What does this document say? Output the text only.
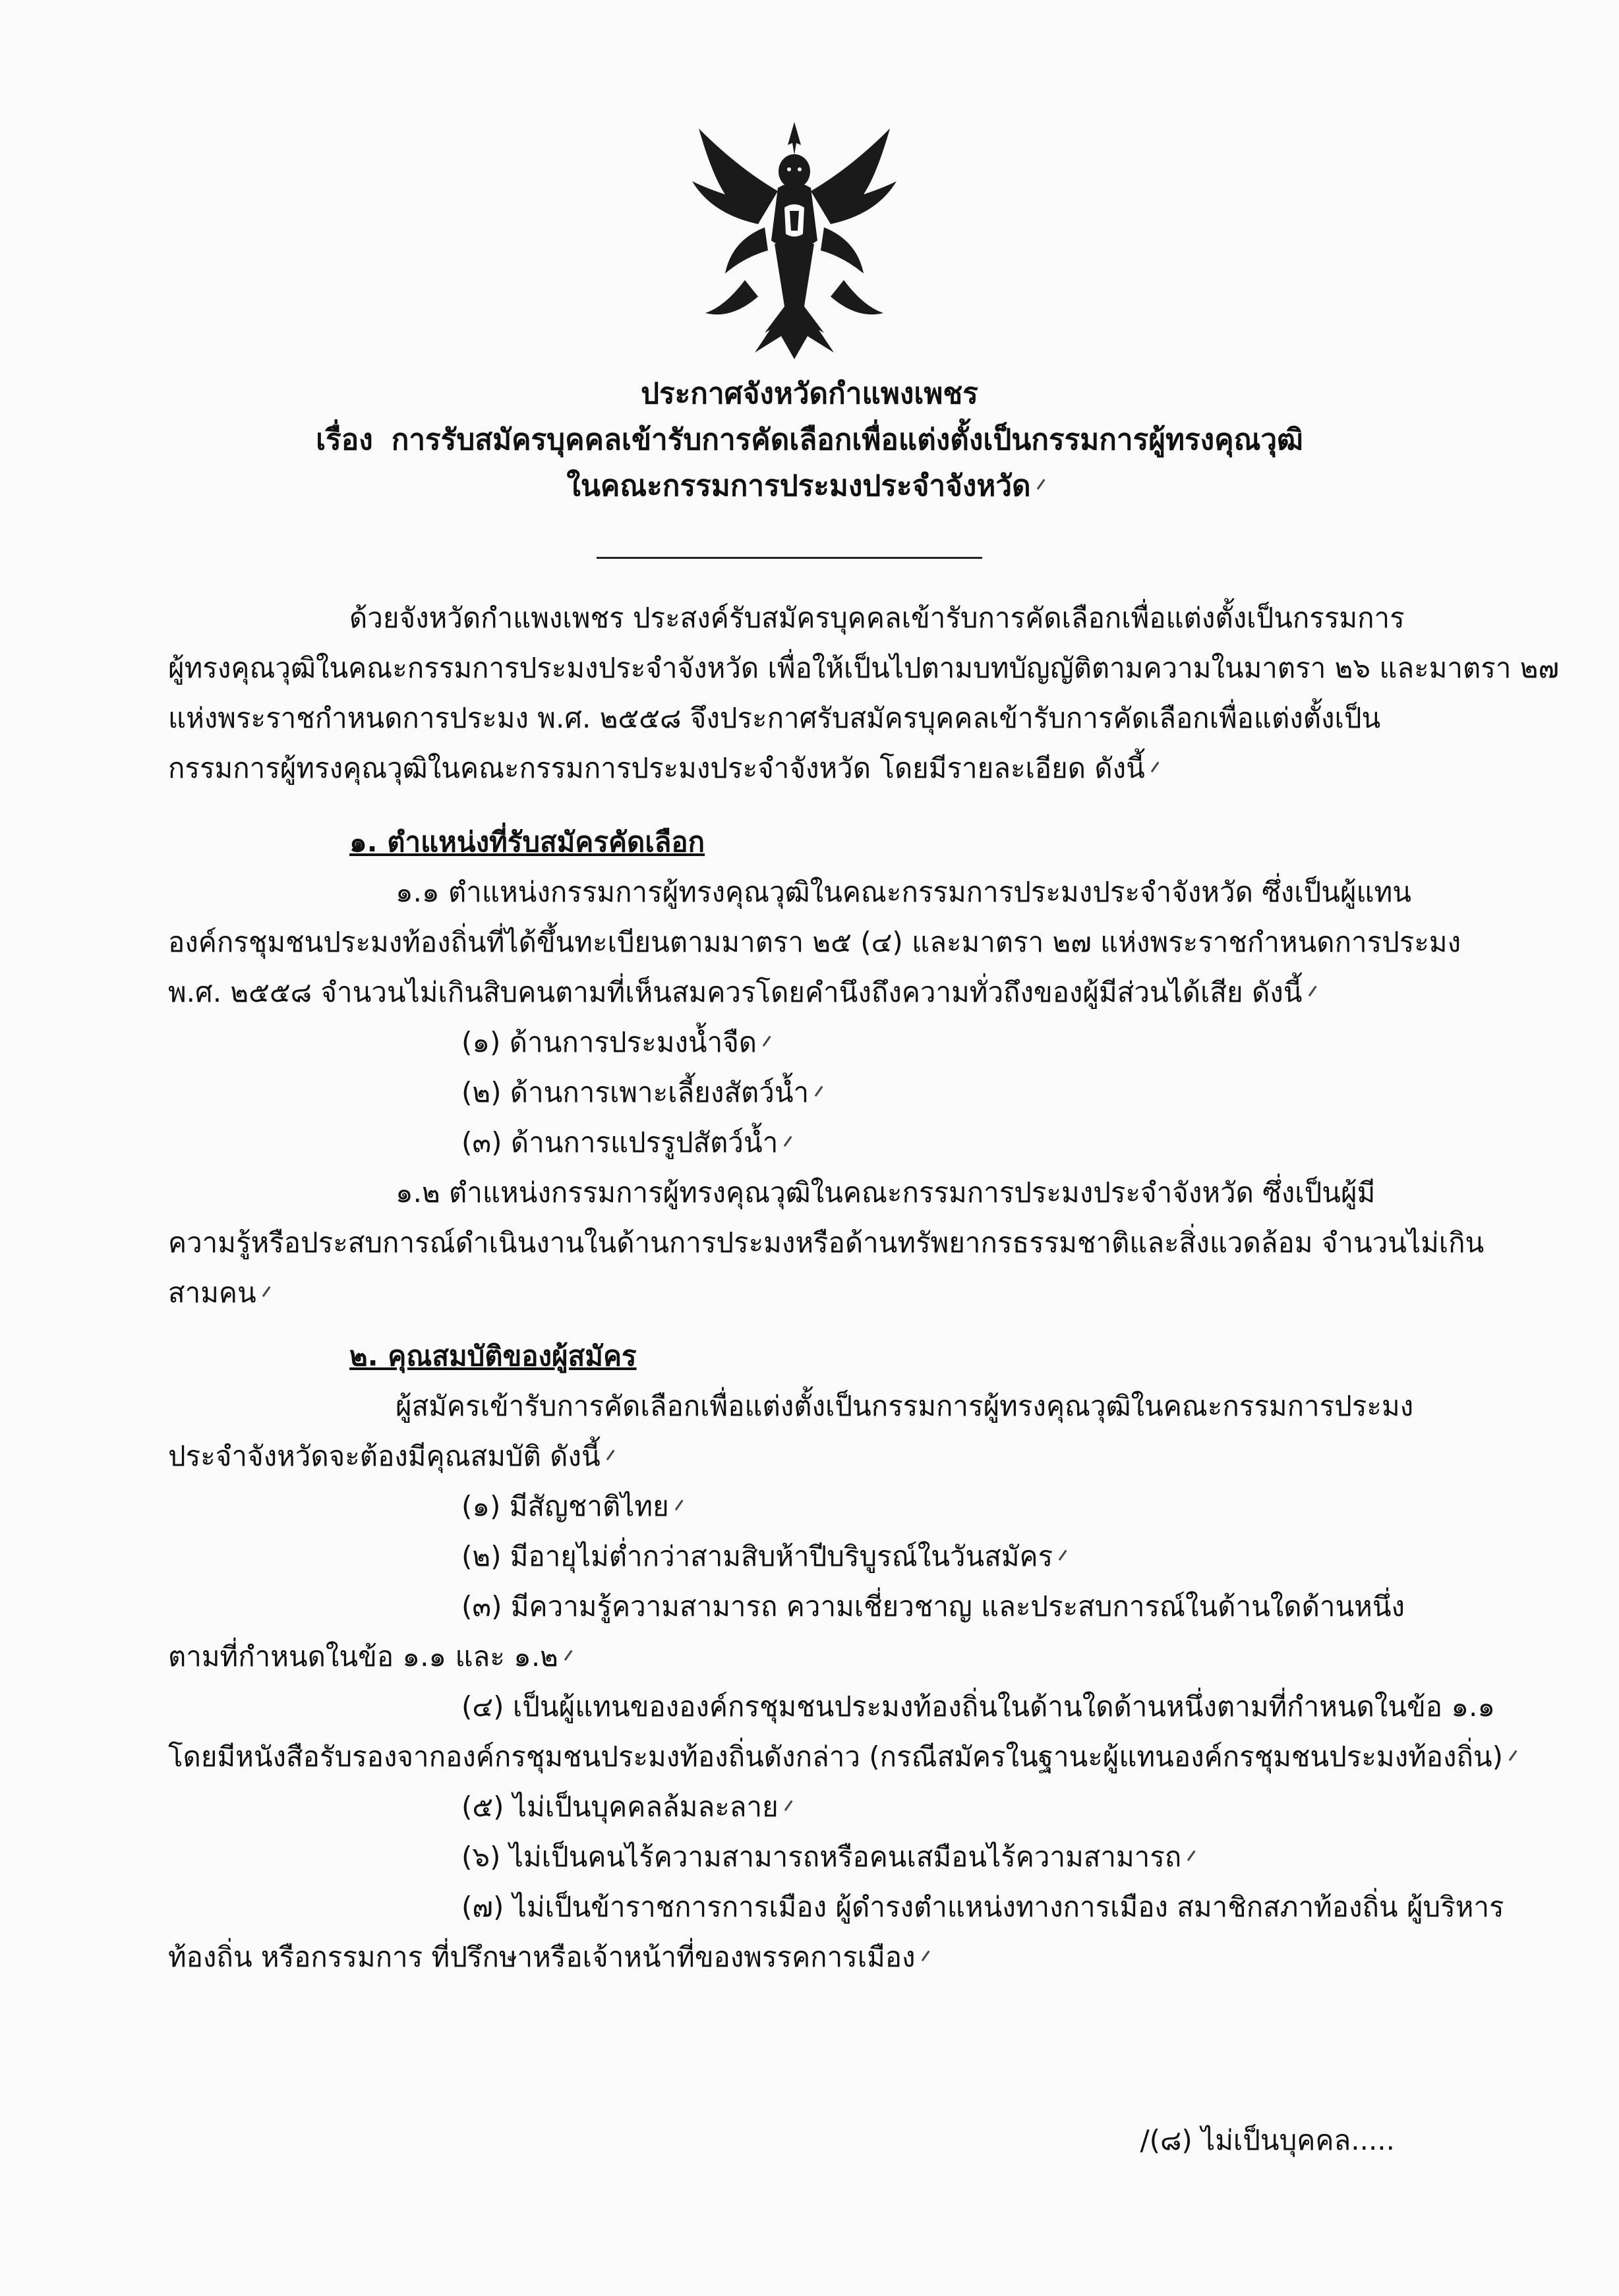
ประกาศจังหวัดกำแพงเพชร
เรื่อง การรับสมัครบุคคลเข้ารับการคัดเลือกเพื่อแต่งตั้งเป็นกรรมการผู้ทรงคุณวุฒิ
ในคณะกรรมการประมงประจำจังหวัด

ด้วยจังหวัดกำแพงเพชร ประสงค์รับสมัครบุคคลเข้ารับการคัดเลือกเพื่อแต่งตั้งเป็นกรรมการ

ผู้ทรงคุณวุฒิในคณะกรรมการประมงประจำจังหวัด เพื่อให้เป็นไปตามบทบัญญัติตามความในมาตรา ๒๖ และมาตรา ๒๗

แห่งพระราชกำหนดการประมง พ.ศ. ๒๕๕๘ จึงประกาศรับสมัครบุคคลเข้ารับการคัดเลือกเพื่อแต่งตั้งเป็น

กรรมการผู้ทรงคุณวุฒิในคณะกรรมการประมงประจำจังหวัด โดยมีรายละเอียด ดังนี้

๑. ตำแหน่งที่รับสมัครคัดเลือก

๑.๑ ตำแหน่งกรรมการผู้ทรงคุณวุฒิในคณะกรรมการประมงประจำจังหวัด ซึ่งเป็นผู้แทน

องค์กรชุมชนประมงท้องถิ่นที่ได้ขึ้นทะเบียนตามมาตรา ๒๕ (๔) และมาตรา ๒๗ แห่งพระราชกำหนดการประมง

พ.ศ. ๒๕๕๘ จำนวนไม่เกินสิบคนตามที่เห็นสมควรโดยคำนึงถึงความทั่วถึงของผู้มีส่วนได้เสีย ดังนี้

(๑) ด้านการประมงน้ำจืด

(๒) ด้านการเพาะเลี้ยงสัตว์น้ำ

(๓) ด้านการแปรรูปสัตว์น้ำ

๑.๒ ตำแหน่งกรรมการผู้ทรงคุณวุฒิในคณะกรรมการประมงประจำจังหวัด ซึ่งเป็นผู้มี

ความรู้หรือประสบการณ์ดำเนินงานในด้านการประมงหรือด้านทรัพยากรธรรมชาติและสิ่งแวดล้อม จำนวนไม่เกิน

สามคน

๒. คุณสมบัติของผู้สมัคร

ผู้สมัครเข้ารับการคัดเลือกเพื่อแต่งตั้งเป็นกรรมการผู้ทรงคุณวุฒิในคณะกรรมการประมง

ประจำจังหวัดจะต้องมีคุณสมบัติ ดังนี้

(๑) มีสัญชาติไทย

(๒) มีอายุไม่ต่ำกว่าสามสิบห้าปีบริบูรณ์ในวันสมัคร

(๓) มีความรู้ความสามารถ ความเชี่ยวชาญ และประสบการณ์ในด้านใดด้านหนึ่ง

ตามที่กำหนดในข้อ ๑.๑ และ ๑.๒

(๔) เป็นผู้แทนขององค์กรชุมชนประมงท้องถิ่นในด้านใดด้านหนึ่งตามที่กำหนดในข้อ ๑.๑

โดยมีหนังสือรับรองจากองค์กรชุมชนประมงท้องถิ่นดังกล่าว (กรณีสมัครในฐานะผู้แทนองค์กรชุมชนประมงท้องถิ่น)

(๕) ไม่เป็นบุคคลล้มละลาย

(๖) ไม่เป็นคนไร้ความสามารถหรือคนเสมือนไร้ความสามารถ

(๗) ไม่เป็นข้าราชการการเมือง ผู้ดำรงตำแหน่งทางการเมือง สมาชิกสภาท้องถิ่น ผู้บริหาร

ท้องถิ่น หรือกรรมการ ที่ปรึกษาหรือเจ้าหน้าที่ของพรรคการเมือง

/(๘) ไม่เป็นบุคคล.....
